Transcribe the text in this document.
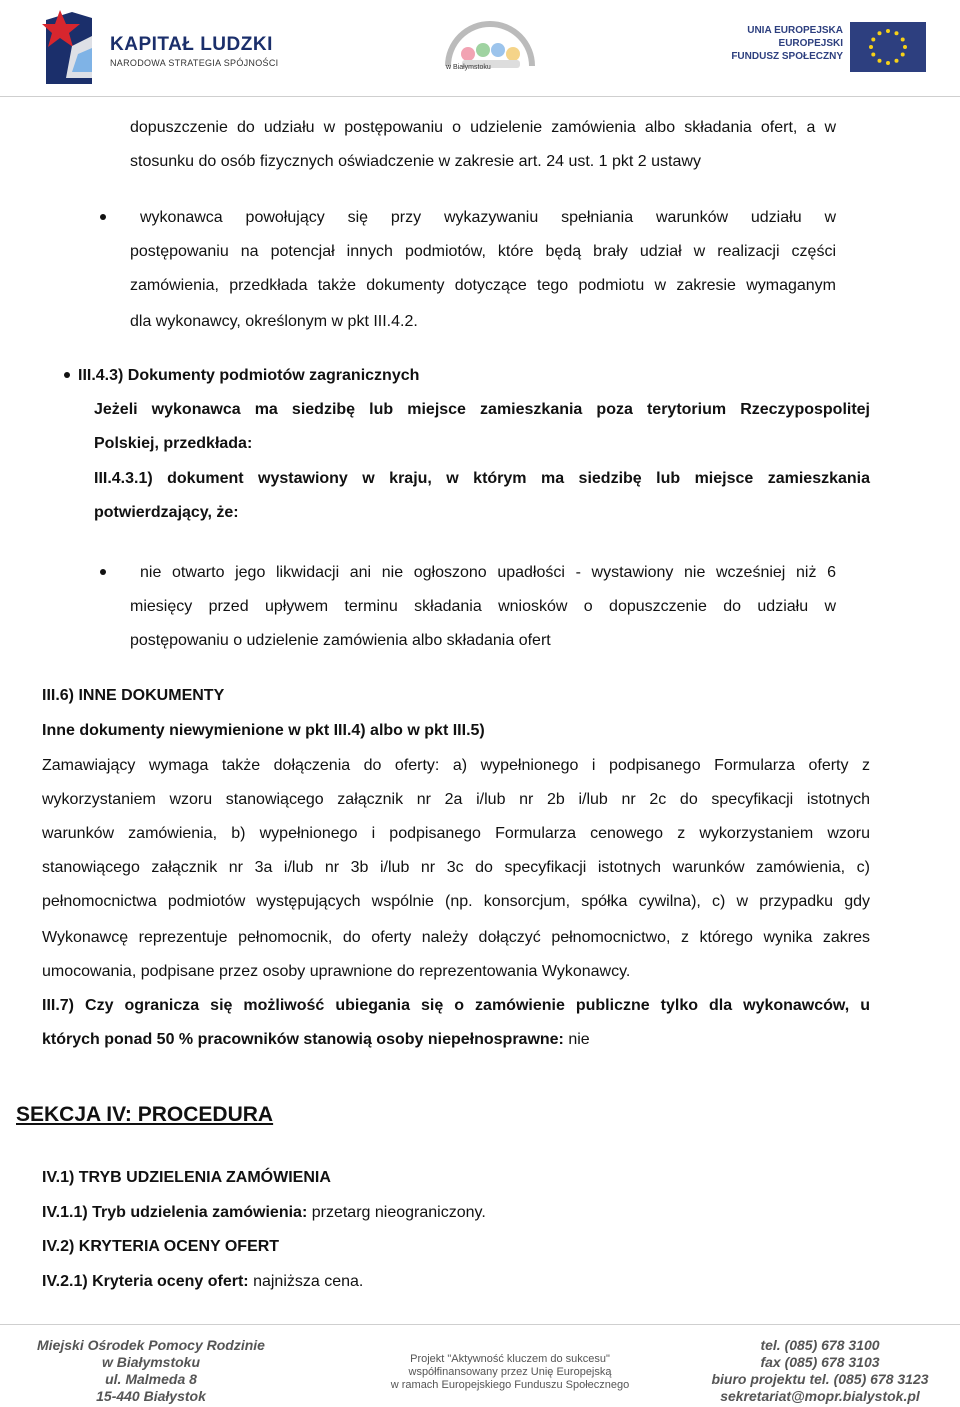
KAPITAŁ LUDZKI
NARODOWA STRATEGIA SPÓJNOŚCI	w Białymstoku
UNIA EUROPEJSKA
EUROPEJSKI
FUNDUSZ SPOŁECZNY
dopuszczenie do udziału w postępowaniu o udzielenie zamówienia albo składania ofert, a w
stosunku do osób fizycznych oświadczenie w zakresie art. 24 ust. 1 pkt 2 ustawy
wykonawca powołujący się przy wykazywaniu spełniania warunków udziału w
postępowaniu na potencjał innych podmiotów, które będą brały udział w realizacji części
zamówienia, przedkłada także dokumenty dotyczące tego podmiotu w zakresie wymaganym
dla wykonawcy, określonym w pkt III.4.2.
III.4.3) Dokumenty podmiotów zagranicznych
Jeżeli wykonawca ma siedzibę lub miejsce zamieszkania poza terytorium Rzeczypospolitej
Polskiej, przedkłada:
III.4.3.1) dokument wystawiony w kraju, w którym ma siedzibę lub miejsce zamieszkania
potwierdzający, że:
nie otwarto jego likwidacji ani nie ogłoszono upadłości - wystawiony nie wcześniej niż 6
miesięcy przed upływem terminu składania wniosków o dopuszczenie do udziału w
postępowaniu o udzielenie zamówienia albo składania ofert
III.6) INNE DOKUMENTY
Inne dokumenty niewymienione w pkt III.4) albo w pkt III.5)
Zamawiający wymaga także dołączenia do oferty: a) wypełnionego i podpisanego Formularza oferty z
wykorzystaniem wzoru stanowiącego załącznik nr 2a i/lub nr 2b i/lub nr 2c do specyfikacji istotnych
warunków zamówienia, b) wypełnionego i podpisanego Formularza cenowego z wykorzystaniem wzoru
stanowiącego załącznik nr 3a i/lub nr 3b i/lub nr 3c do specyfikacji istotnych warunków zamówienia, c)
pełnomocnictwa podmiotów występujących wspólnie (np. konsorcjum, spółka cywilna), c) w przypadku gdy
Wykonawcę reprezentuje pełnomocnik, do oferty należy dołączyć pełnomocnictwo, z którego wynika zakres
umocowania, podpisane przez osoby uprawnione do reprezentowania Wykonawcy.
III.7) Czy ogranicza się możliwość ubiegania się o zamówienie publiczne tylko dla wykonawców, u
których ponad 50 % pracowników stanowią osoby niepełnosprawne: nie
SEKCJA IV: PROCEDURA
IV.1) TRYB UDZIELENIA ZAMÓWIENIA
IV.1.1) Tryb udzielenia zamówienia: przetarg nieograniczony.
IV.2) KRYTERIA OCENY OFERT
IV.2.1) Kryteria oceny ofert: najniższa cena.
Miejski Ośrodek Pomocy Rodzinie
w Białymstoku
ul. Malmeda 8
15-440 Białystok
Projekt "Aktywność kluczem do sukcesu"
współfinansowany przez Unię Europejską
w ramach Europejskiego Funduszu Społecznego
tel. (085) 678 3100
fax (085) 678 3103
biuro projektu tel. (085) 678 3123
sekretariat@mopr.bialystok.pl
